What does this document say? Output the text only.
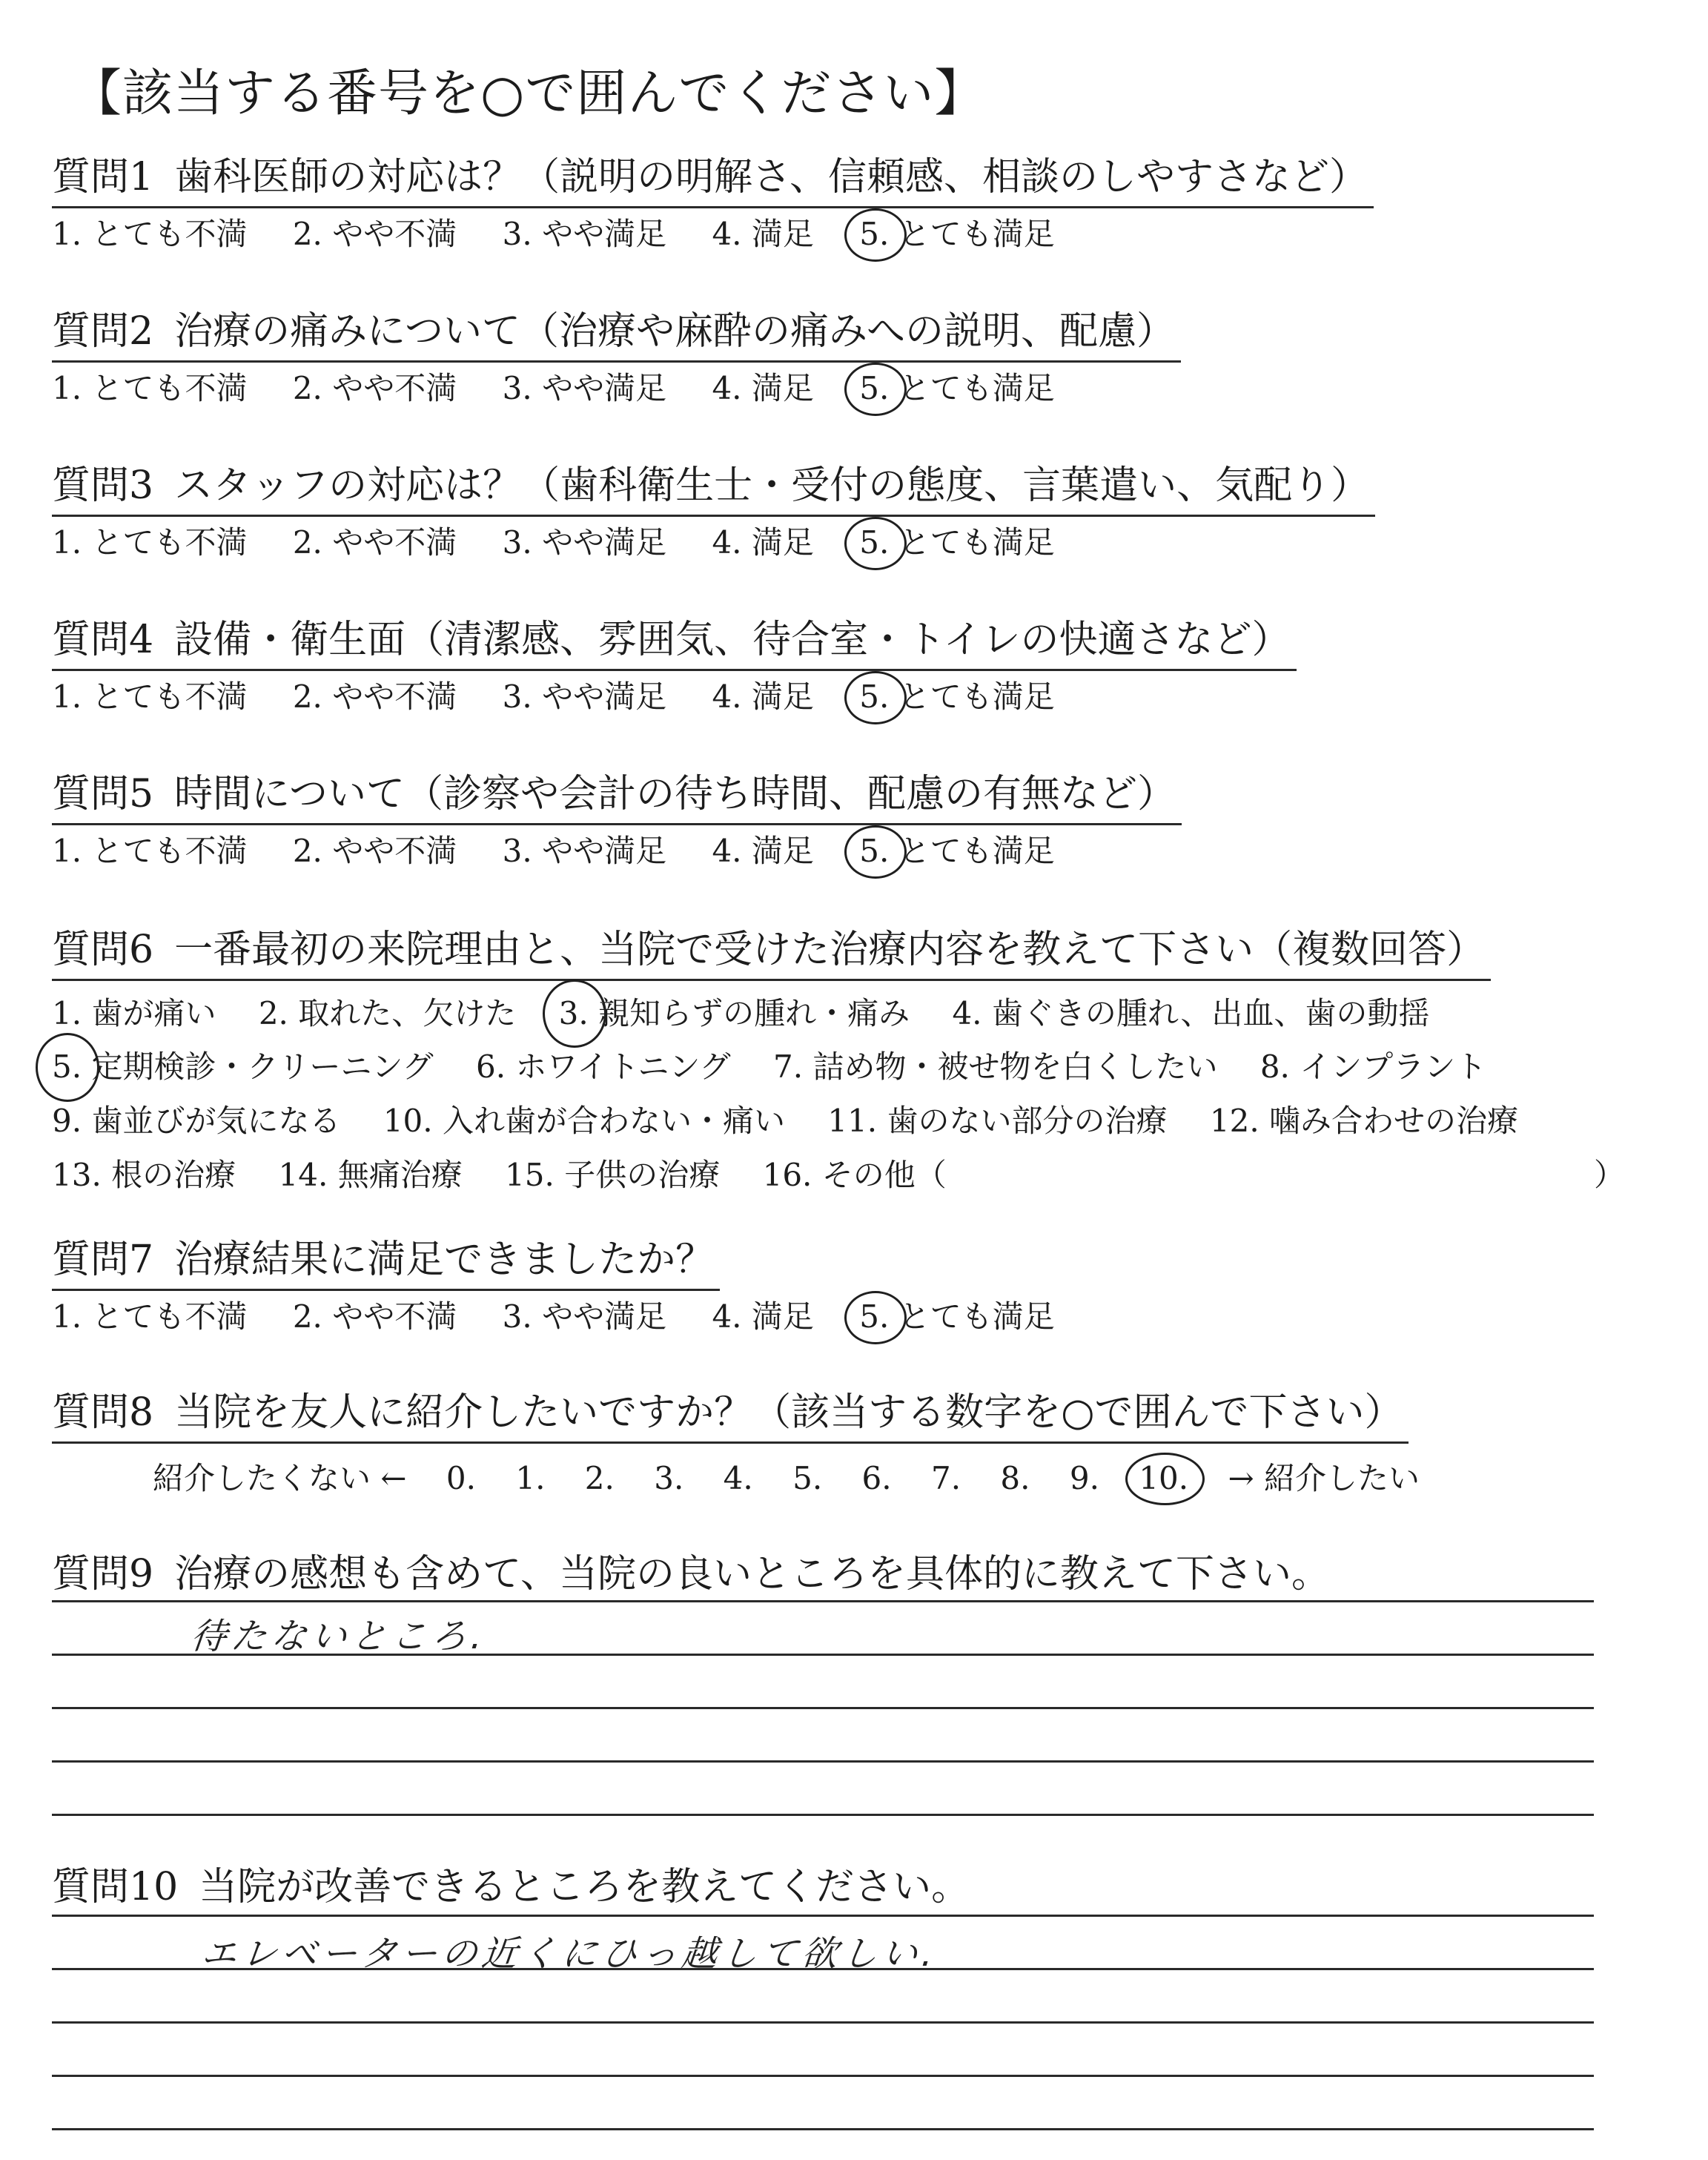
【該当する番号を○で囲んでください】
質問1 歯科医師の対応は？（説明の明解さ、信頼感、相談のしやすさなど）
1. とても不満 2. やや不満 3. やや満足 4. 満足 5. とても満足
質問2 治療の痛みについて（治療や麻酔の痛みへの説明、配慮）
1. とても不満 2. やや不満 3. やや満足 4. 満足 5. とても満足
質問3 スタッフの対応は？（歯科衛生士・受付の態度、言葉遣い、気配り）
1. とても不満 2. やや不満 3. やや満足 4. 満足 5. とても満足
質問4 設備・衛生面（清潔感、雰囲気、待合室・トイレの快適さなど）
1. とても不満 2. やや不満 3. やや満足 4. 満足 5. とても満足
質問5 時間について（診察や会計の待ち時間、配慮の有無など）
1. とても不満 2. やや不満 3. やや満足 4. 満足 5. とても満足
質問6 一番最初の来院理由と、当院で受けた治療内容を教えて下さい（複数回答）
1. 歯が痛い 2. 取れた、欠けた 3. 親知らずの腫れ・痛み 4. 歯ぐきの腫れ、出血、歯の動揺
5. 定期検診・クリーニング 6. ホワイトニング 7. 詰め物・被せ物を白くしたい 8. インプラント
9. 歯並びが気になる 10. 入れ歯が合わない・痛い 11. 歯のない部分の治療 12. 噛み合わせの治療
13. 根の治療 14. 無痛治療 15. 子供の治療 16. その他（	）
質問7 治療結果に満足できましたか？
1. とても不満 2. やや不満 3. やや満足 4. 満足 5. とても満足
質問8 当院を友人に紹介したいですか？（該当する数字を○で囲んで下さい）
紹介したくない ← 0. 1. 2. 3. 4. 5. 6. 7. 8. 9. 10. → 紹介したい
質問9 治療の感想も含めて、当院の良いところを具体的に教えて下さい。
待たないところ.
質問10 当院が改善できるところを教えてください。
エレベーターの近くにひっ越して欲しい.
